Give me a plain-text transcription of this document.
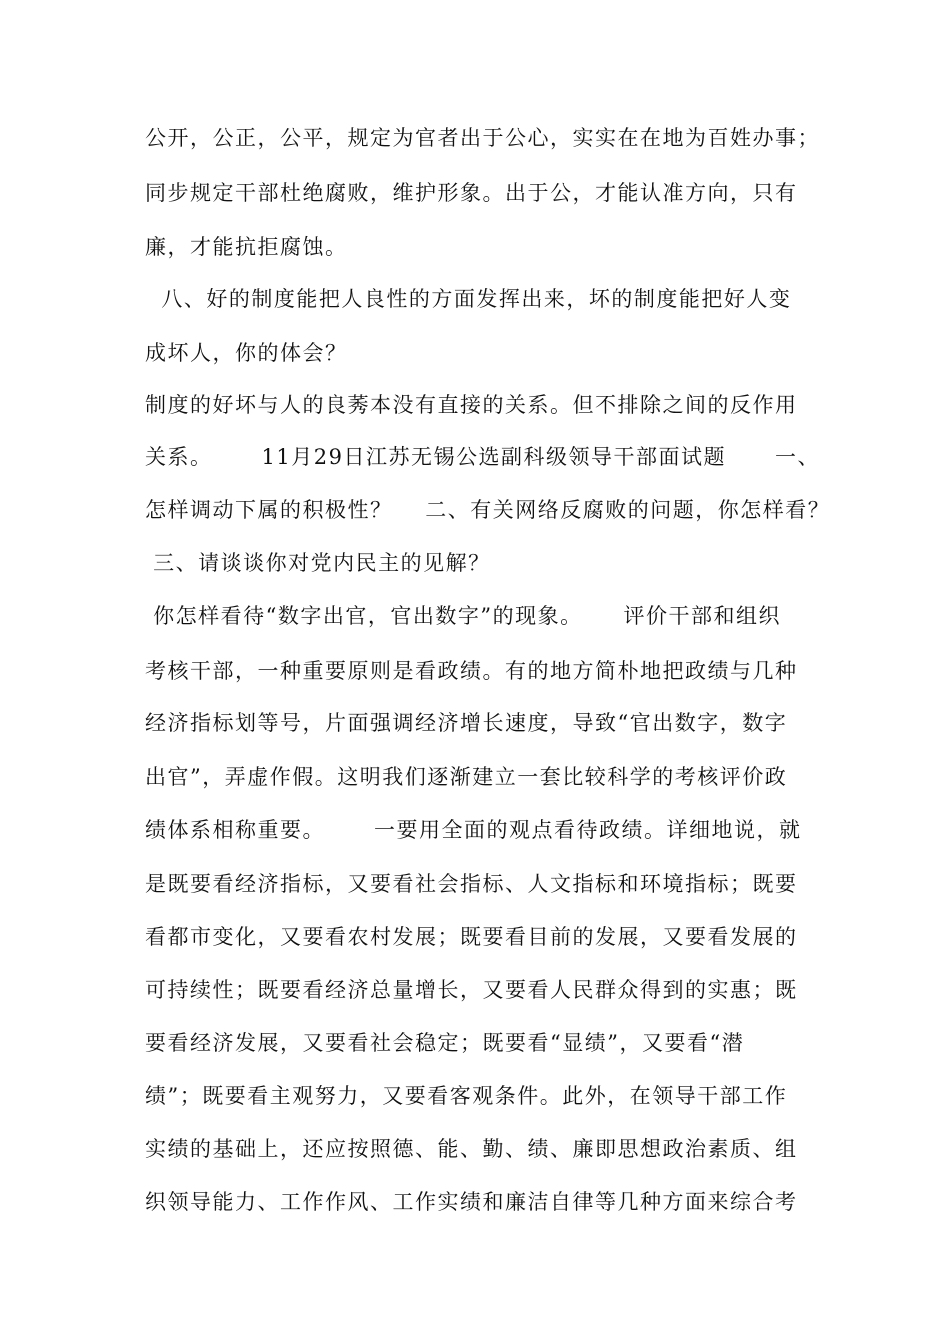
公开，公正，公平，规定为官者出于公心，实实在在地为百姓办事；
同步规定干部杜绝腐败，维护形象。出于公，才能认准方向，只有
廉，才能抗拒腐蚀。
八、好的制度能把人良性的方面发挥出来，坏的制度能把好人变
成坏人，你的体会？
制度的好坏与人的良莠本没有直接的关系。但不排除之间的反作用
关系。      11月29日江苏无锡公选副科级领导干部面试题      一、
怎样调动下属的积极性？    二、有关网络反腐败的问题，你怎样看？
三、请谈谈你对党内民主的见解？
你怎样看待“数字出官，官出数字”的现象。     评价干部和组织
考核干部，一种重要原则是看政绩。有的地方简朴地把政绩与几种
经济指标划等号，片面强调经济增长速度，导致“官出数字，数字
出官”，弄虚作假。这明我们逐渐建立一套比较科学的考核评价政
绩体系相称重要。      一要用全面的观点看待政绩。详细地说，就
是既要看经济指标，又要看社会指标、人文指标和环境指标；既要
看都市变化，又要看农村发展；既要看目前的发展，又要看发展的
可持续性；既要看经济总量增长，又要看人民群众得到的实惠；既
要看经济发展，又要看社会稳定；既要看“显绩”，又要看“潜
绩”；既要看主观努力，又要看客观条件。此外，在领导干部工作
实绩的基础上，还应按照德、能、勤、绩、廉即思想政治素质、组
织领导能力、工作作风、工作实绩和廉洁自律等几种方面来综合考
